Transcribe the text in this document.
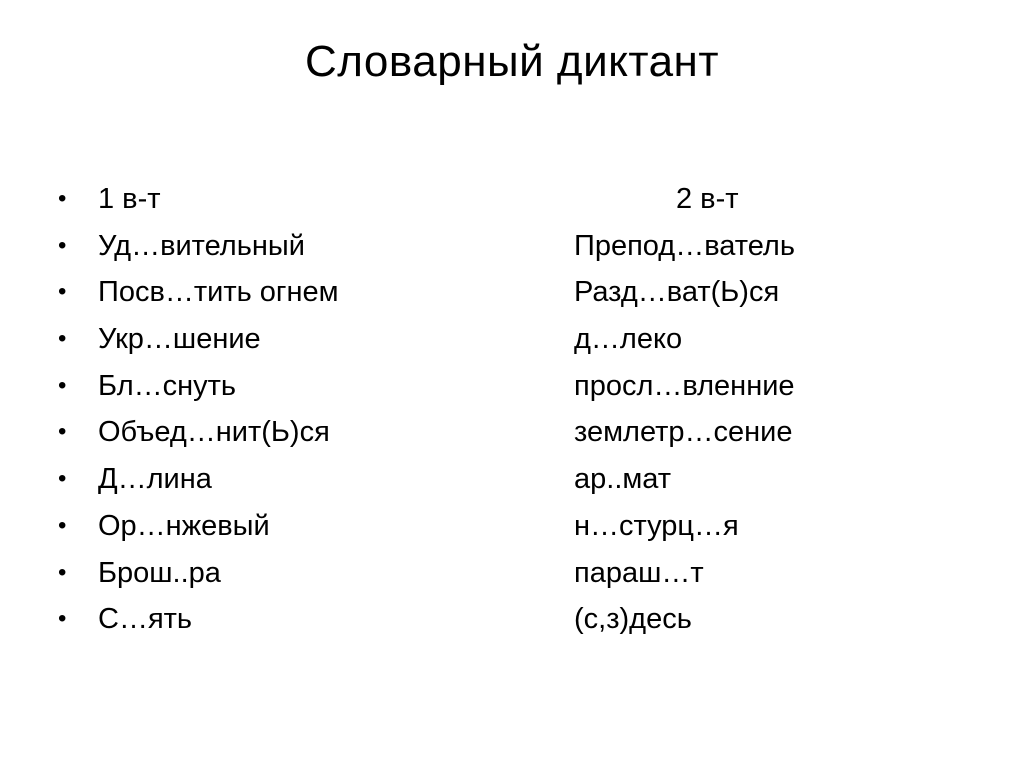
Словарный диктант
•	1 в-т	2 в-т
•	Уд…вительный	Препод…ватель
•	Посв…тить огнем	Разд…ват(Ь)ся
•	Укр…шение	д…леко
•	Бл…снуть	просл…вленние
•	Объед…нит(Ь)ся	землетр…сение
•	Д…лина	ар..мат
•	Ор…нжевый	н…стурц…я
•	Брош..ра	параш…т
•	С…ять	(с,з)десь
